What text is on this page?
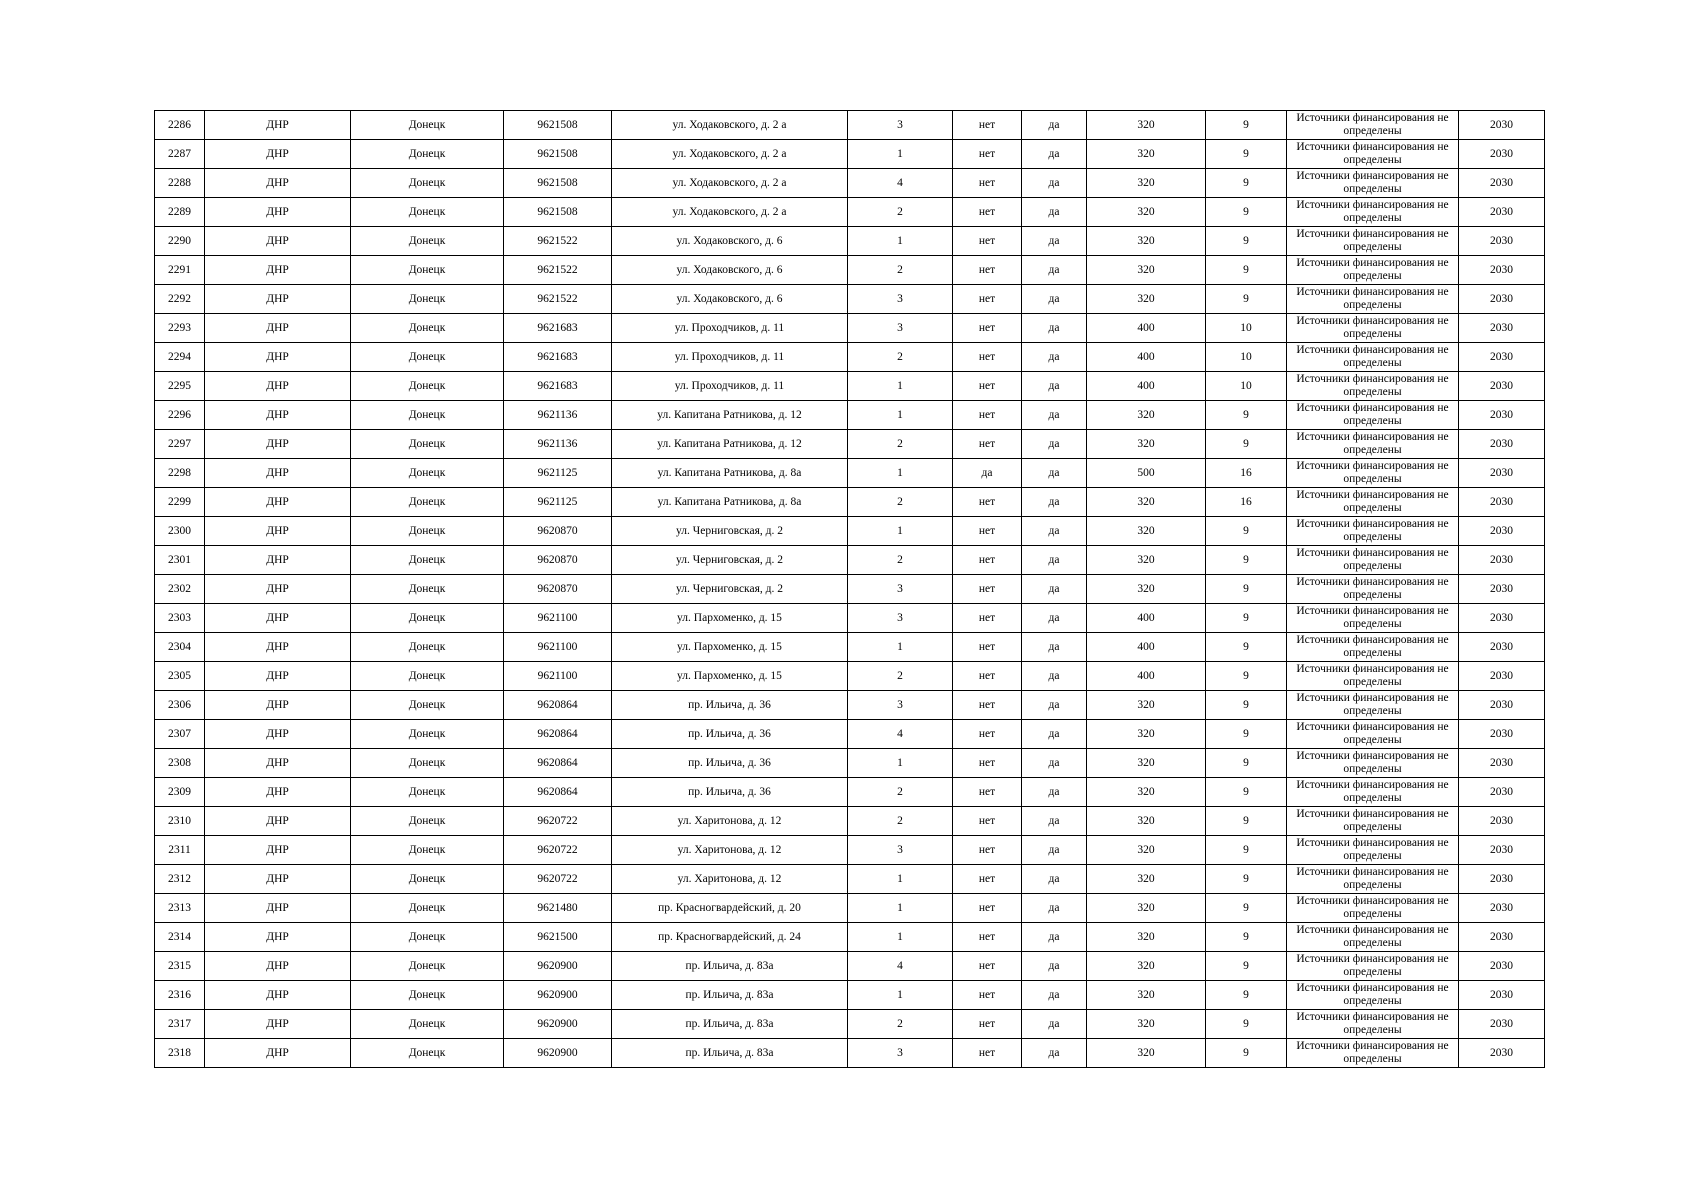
2286	ДНР	Донецк	9621508	ул. Ходаковского, д. 2 а	3	нет	да	320	9	Источники финансирования не определены	2030
2287	ДНР	Донецк	9621508	ул. Ходаковского, д. 2 а	1	нет	да	320	9	Источники финансирования не определены	2030
2288	ДНР	Донецк	9621508	ул. Ходаковского, д. 2 а	4	нет	да	320	9	Источники финансирования не определены	2030
2289	ДНР	Донецк	9621508	ул. Ходаковского, д. 2 а	2	нет	да	320	9	Источники финансирования не определены	2030
2290	ДНР	Донецк	9621522	ул. Ходаковского, д. 6	1	нет	да	320	9	Источники финансирования не определены	2030
2291	ДНР	Донецк	9621522	ул. Ходаковского, д. 6	2	нет	да	320	9	Источники финансирования не определены	2030
2292	ДНР	Донецк	9621522	ул. Ходаковского, д. 6	3	нет	да	320	9	Источники финансирования не определены	2030
2293	ДНР	Донецк	9621683	ул. Проходчиков, д. 11	3	нет	да	400	10	Источники финансирования не определены	2030
2294	ДНР	Донецк	9621683	ул. Проходчиков, д. 11	2	нет	да	400	10	Источники финансирования не определены	2030
2295	ДНР	Донецк	9621683	ул. Проходчиков, д. 11	1	нет	да	400	10	Источники финансирования не определены	2030
2296	ДНР	Донецк	9621136	ул. Капитана Ратникова, д. 12	1	нет	да	320	9	Источники финансирования не определены	2030
2297	ДНР	Донецк	9621136	ул. Капитана Ратникова, д. 12	2	нет	да	320	9	Источники финансирования не определены	2030
2298	ДНР	Донецк	9621125	ул. Капитана Ратникова, д. 8а	1	да	да	500	16	Источники финансирования не определены	2030
2299	ДНР	Донецк	9621125	ул. Капитана Ратникова, д. 8а	2	нет	да	320	16	Источники финансирования не определены	2030
2300	ДНР	Донецк	9620870	ул. Черниговская, д. 2	1	нет	да	320	9	Источники финансирования не определены	2030
2301	ДНР	Донецк	9620870	ул. Черниговская, д. 2	2	нет	да	320	9	Источники финансирования не определены	2030
2302	ДНР	Донецк	9620870	ул. Черниговская, д. 2	3	нет	да	320	9	Источники финансирования не определены	2030
2303	ДНР	Донецк	9621100	ул. Пархоменко, д. 15	3	нет	да	400	9	Источники финансирования не определены	2030
2304	ДНР	Донецк	9621100	ул. Пархоменко, д. 15	1	нет	да	400	9	Источники финансирования не определены	2030
2305	ДНР	Донецк	9621100	ул. Пархоменко, д. 15	2	нет	да	400	9	Источники финансирования не определены	2030
2306	ДНР	Донецк	9620864	пр. Ильича, д. 36	3	нет	да	320	9	Источники финансирования не определены	2030
2307	ДНР	Донецк	9620864	пр. Ильича, д. 36	4	нет	да	320	9	Источники финансирования не определены	2030
2308	ДНР	Донецк	9620864	пр. Ильича, д. 36	1	нет	да	320	9	Источники финансирования не определены	2030
2309	ДНР	Донецк	9620864	пр. Ильича, д. 36	2	нет	да	320	9	Источники финансирования не определены	2030
2310	ДНР	Донецк	9620722	ул. Харитонова, д. 12	2	нет	да	320	9	Источники финансирования не определены	2030
2311	ДНР	Донецк	9620722	ул. Харитонова, д. 12	3	нет	да	320	9	Источники финансирования не определены	2030
2312	ДНР	Донецк	9620722	ул. Харитонова, д. 12	1	нет	да	320	9	Источники финансирования не определены	2030
2313	ДНР	Донецк	9621480	пр. Красногвардейский, д. 20	1	нет	да	320	9	Источники финансирования не определены	2030
2314	ДНР	Донецк	9621500	пр. Красногвардейский, д. 24	1	нет	да	320	9	Источники финансирования не определены	2030
2315	ДНР	Донецк	9620900	пр. Ильича, д. 83а	4	нет	да	320	9	Источники финансирования не определены	2030
2316	ДНР	Донецк	9620900	пр. Ильича, д. 83а	1	нет	да	320	9	Источники финансирования не определены	2030
2317	ДНР	Донецк	9620900	пр. Ильича, д. 83а	2	нет	да	320	9	Источники финансирования не определены	2030
2318	ДНР	Донецк	9620900	пр. Ильича, д. 83а	3	нет	да	320	9	Источники финансирования не определены	2030
